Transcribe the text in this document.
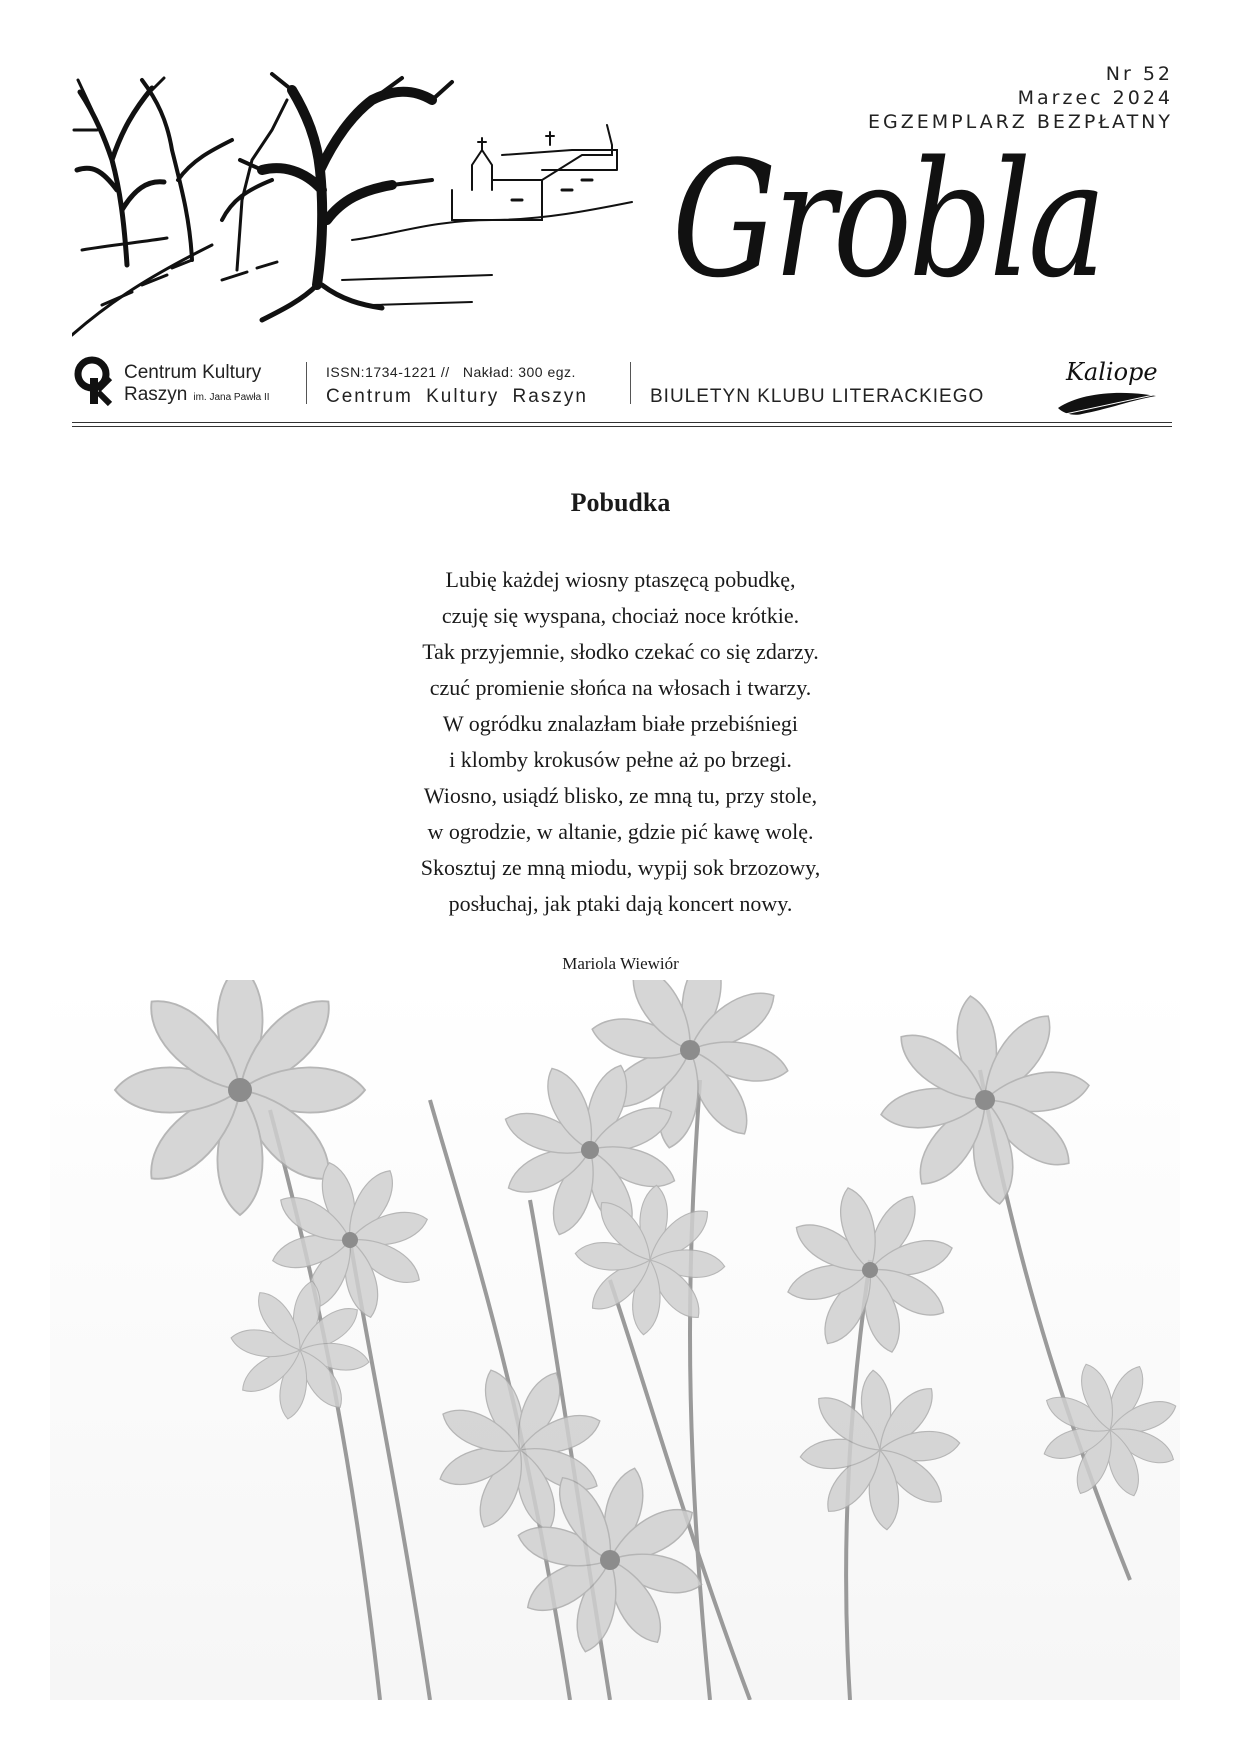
Nr 52
Marzec 2024
EGZEMPLARZ BEZPŁATNY
Grobla
Centrum Kultury
Raszyn im. Jana Pawła II
ISSN:1734-1221 // Nakład: 300 egz.
Centrum Kultury Raszyn	BIULETYN KLUBU LITERACKIEGO
Kaliope
Pobudka
Lubię każdej wiosny ptaszęcą pobudkę,
czuję się wyspana, chociaż noce krótkie.
Tak przyjemnie, słodko czekać co się zdarzy.
czuć promienie słońca na włosach i twarzy.
W ogródku znalazłam białe przebiśniegi
i klomby krokusów pełne aż po brzegi.
Wiosno, usiądź blisko, ze mną tu, przy stole,
w ogrodzie, w altanie, gdzie pić kawę wolę.
Skosztuj ze mną miodu, wypij sok brzozowy,
posłuchaj, jak ptaki dają koncert nowy.
Mariola Wiewiór
